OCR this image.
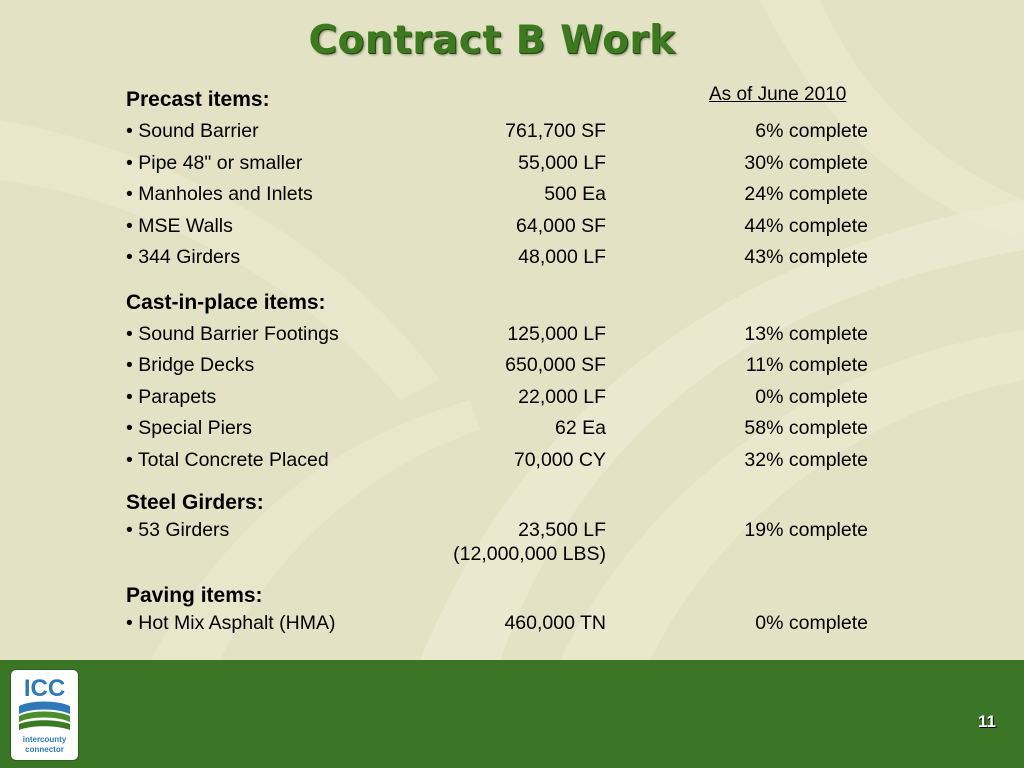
Contract B Work
As of June 2010
Precast items:
• Sound Barrier	761,700 SF	6% complete
• Pipe 48" or smaller	55,000 LF	30% complete
• Manholes and Inlets	500 Ea	24% complete
• MSE Walls	64,000 SF	44% complete
• 344 Girders	48,000 LF	43% complete
Cast-in-place items:
• Sound Barrier Footings	125,000 LF	13% complete
• Bridge Decks	650,000 SF	11% complete
• Parapets	22,000 LF	0% complete
• Special Piers	62 Ea	58% complete
• Total Concrete Placed	70,000 CY	32% complete
Steel Girders:
• 53 Girders	23,500 LF	19% complete
(12,000,000 LBS)
Paving items:
• Hot Mix Asphalt (HMA)	460,000 TN	0% complete
ICC
intercounty
connector
11
